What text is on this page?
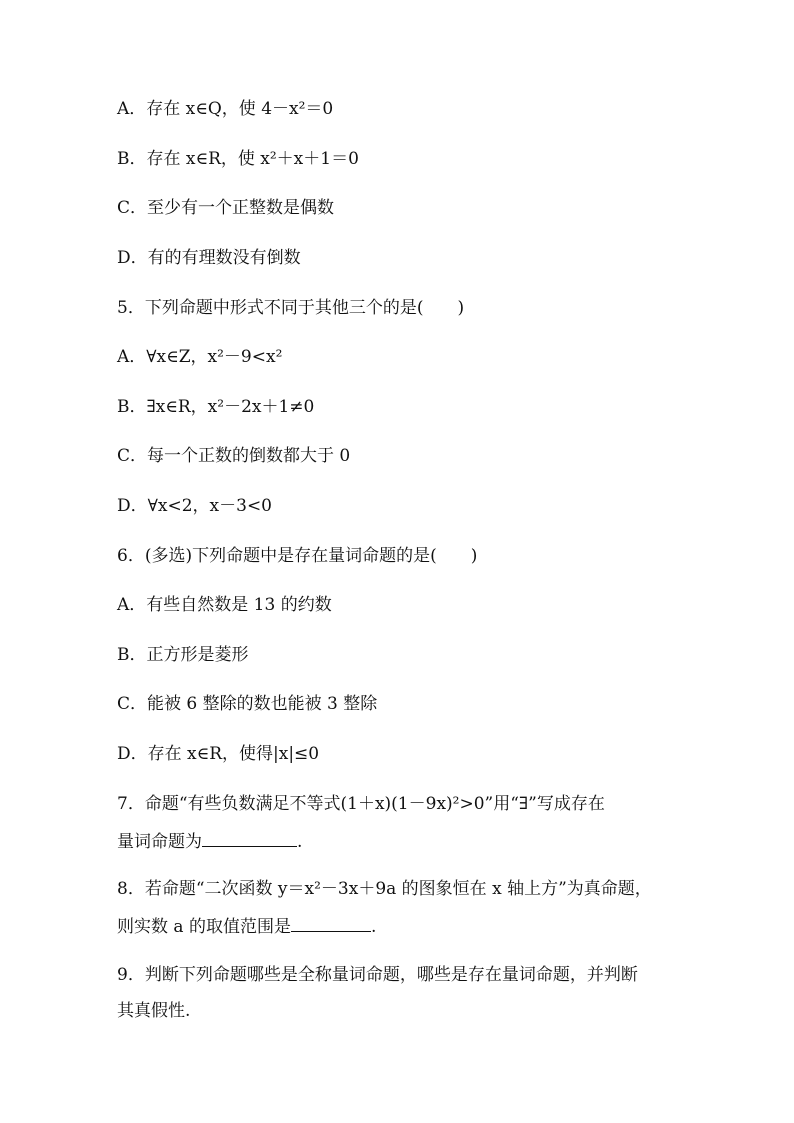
A．存在 x∈Q，使 4－x²＝0
B．存在 x∈R，使 x²＋x＋1＝0
C．至少有一个正整数是偶数
D．有的有理数没有倒数
5．下列命题中形式不同于其他三个的是(　　)
A．∀x∈Z，x²－9<x²
B．∃x∈R，x²－2x＋1≠0
C．每一个正数的倒数都大于 0
D．∀x<2，x－3<0
6．(多选)下列命题中是存在量词命题的是(　　)
A．有些自然数是 13 的约数
B．正方形是菱形
C．能被 6 整除的数也能被 3 整除
D．存在 x∈R，使得|x|≤0
7．命题“有些负数满足不等式(1＋x)(1－9x)²>0”用“∃”写成存在
量词命题为	.
8．若命题“二次函数 y＝x²－3x＋9a 的图象恒在 x 轴上方”为真命题，
则实数 a 的取值范围是	.
9．判断下列命题哪些是全称量词命题，哪些是存在量词命题，并判断
其真假性.
